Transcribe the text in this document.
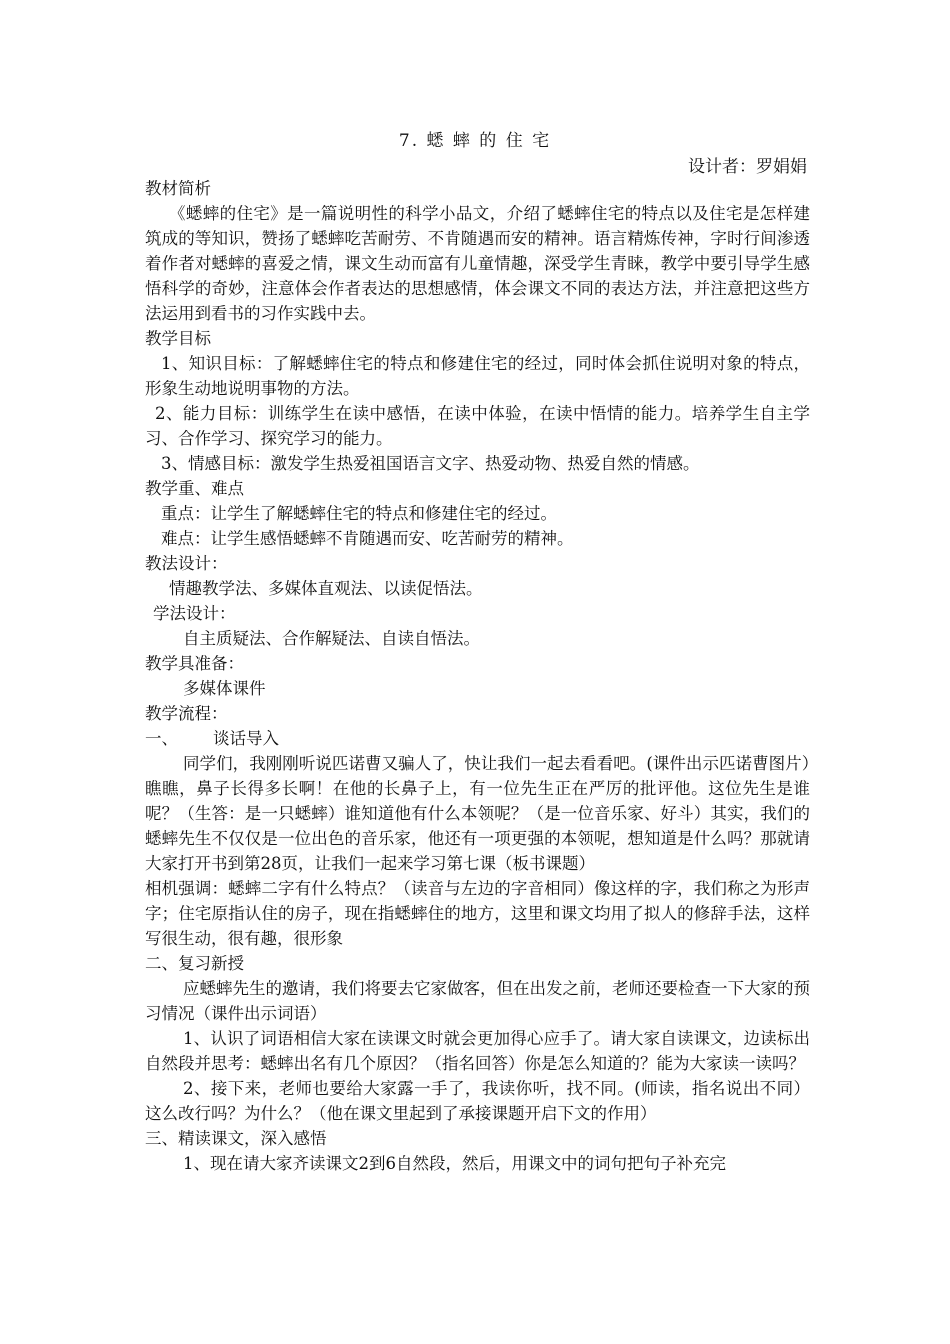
7. 蟋 蟀 的 住 宅
设计者：罗娟娟

教材简析

《蟋蟀的住宅》是一篇说明性的科学小品文，介绍了蟋蟀住宅的特点以及住宅是怎样建筑成的等知识，赞扬了蟋蟀吃苦耐劳、不肯随遇而安的精神。语言精炼传神，字时行间渗透着作者对蟋蟀的喜爱之情，课文生动而富有儿童情趣，深受学生青睐，教学中要引导学生感悟科学的奇妙，注意体会作者表达的思想感情，体会课文不同的表达方法，并注意把这些方法运用到看书的习作实践中去。

教学目标

1、知识目标：了解蟋蟀住宅的特点和修建住宅的经过，同时体会抓住说明对象的特点，形象生动地说明事物的方法。

2、能力目标：训练学生在读中感悟，在读中体验，在读中悟情的能力。培养学生自主学习、合作学习、探究学习的能力。

3、情感目标：激发学生热爱祖国语言文字、热爱动物、热爱自然的情感。

教学重、难点

重点：让学生了解蟋蟀住宅的特点和修建住宅的经过。

难点：让学生感悟蟋蟀不肯随遇而安、吃苦耐劳的精神。

教法设计：

情趣教学法、多媒体直观法、以读促悟法。

学法设计：

自主质疑法、合作解疑法、自读自悟法。

教学具准备：

多媒体课件

教学流程：

一、 谈话导入

同学们，我刚刚听说匹诺曹又骗人了，快让我们一起去看看吧。(课件出示匹诺曹图片）瞧瞧，鼻子长得多长啊！在他的长鼻子上，有一位先生正在严厉的批评他。这位先生是谁呢？（生答：是一只蟋蟀）谁知道他有什么本领呢？（是一位音乐家、好斗）其实，我们的蟋蟀先生不仅仅是一位出色的音乐家，他还有一项更强的本领呢，想知道是什么吗？那就请大家打开书到第28页，让我们一起来学习第七课（板书课题）

相机强调：蟋蟀二字有什么特点？（读音与左边的字音相同）像这样的字，我们称之为形声字；住宅原指认住的房子，现在指蟋蟀住的地方，这里和课文均用了拟人的修辞手法，这样写很生动，很有趣，很形象

二、复习新授

应蟋蟀先生的邀请，我们将要去它家做客，但在出发之前，老师还要检查一下大家的预习情况（课件出示词语）

1、认识了词语相信大家在读课文时就会更加得心应手了。请大家自读课文，边读标出自然段并思考：蟋蟀出名有几个原因？（指名回答）你是怎么知道的？能为大家读一读吗？

2、接下来，老师也要给大家露一手了，我读你听，找不同。(师读，指名说出不同）这么改行吗？为什么？（他在课文里起到了承接课题开启下文的作用）

三、精读课文，深入感悟

1、现在请大家齐读课文2到6自然段，然后，用课文中的词句把句子补充完
